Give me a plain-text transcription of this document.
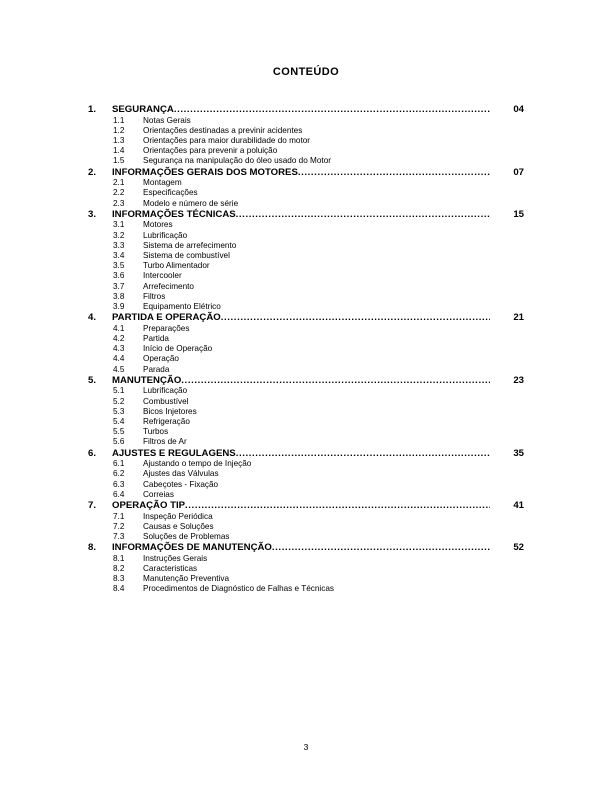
CONTEÚDO
1.	SEGURANÇA .....	04
1.1	Notas Gerais
1.2	Orientações destinadas a previnir acidentes
1.3	Orientações para maior durabilidade do motor
1.4	Orientações para prevenir a poluição
1.5	Segurança na manipulação do óleo usado do Motor
2.	INFORMAÇÕES GERAIS DOS MOTORES .....	07
2.1	Montagem
2.2	Especificações
2.3	Modelo e número de série
3.	INFORMAÇÕES TÉCNICAS .....	15
3.1	Motores
3.2	Lubrificação
3.3	Sistema de arrefecimento
3.4	Sistema de combustível
3.5	Turbo Alimentador
3.6	Intercooler
3.7	Arrefecimento
3.8	Filtros
3.9	Equipamento Elétrico
4.	PARTIDA E OPERAÇÃO .....	21
4.1	Preparações
4.2	Partida
4.3	Início de Operação
4.4	Operação
4.5	Parada
5.	MANUTENÇÃO .....	23
5.1	Lubrificação
5.2	Combustível
5.3	Bicos Injetores
5.4	Refrigeração
5.5	Turbos
5.6	Filtros de Ar
6.	AJUSTES E REGULAGENS .....	35
6.1	Ajustando o tempo de Injeção
6.2	Ajustes das Válvulas
6.3	Cabeçotes - Fixação
6.4	Correias
7.	OPERAÇÃO TIP .....	41
7.1	Inspeção Periódica
7.2	Causas e Soluções
7.3	Soluções de Problemas
8.	INFORMAÇÕES DE MANUTENÇÃO .....	52
8.1	Instruções Gerais
8.2	Caracteristicas
8.3	Manutenção Preventiva
8.4	Procedimentos de Diagnóstico de Falhas e Técnicas
3
